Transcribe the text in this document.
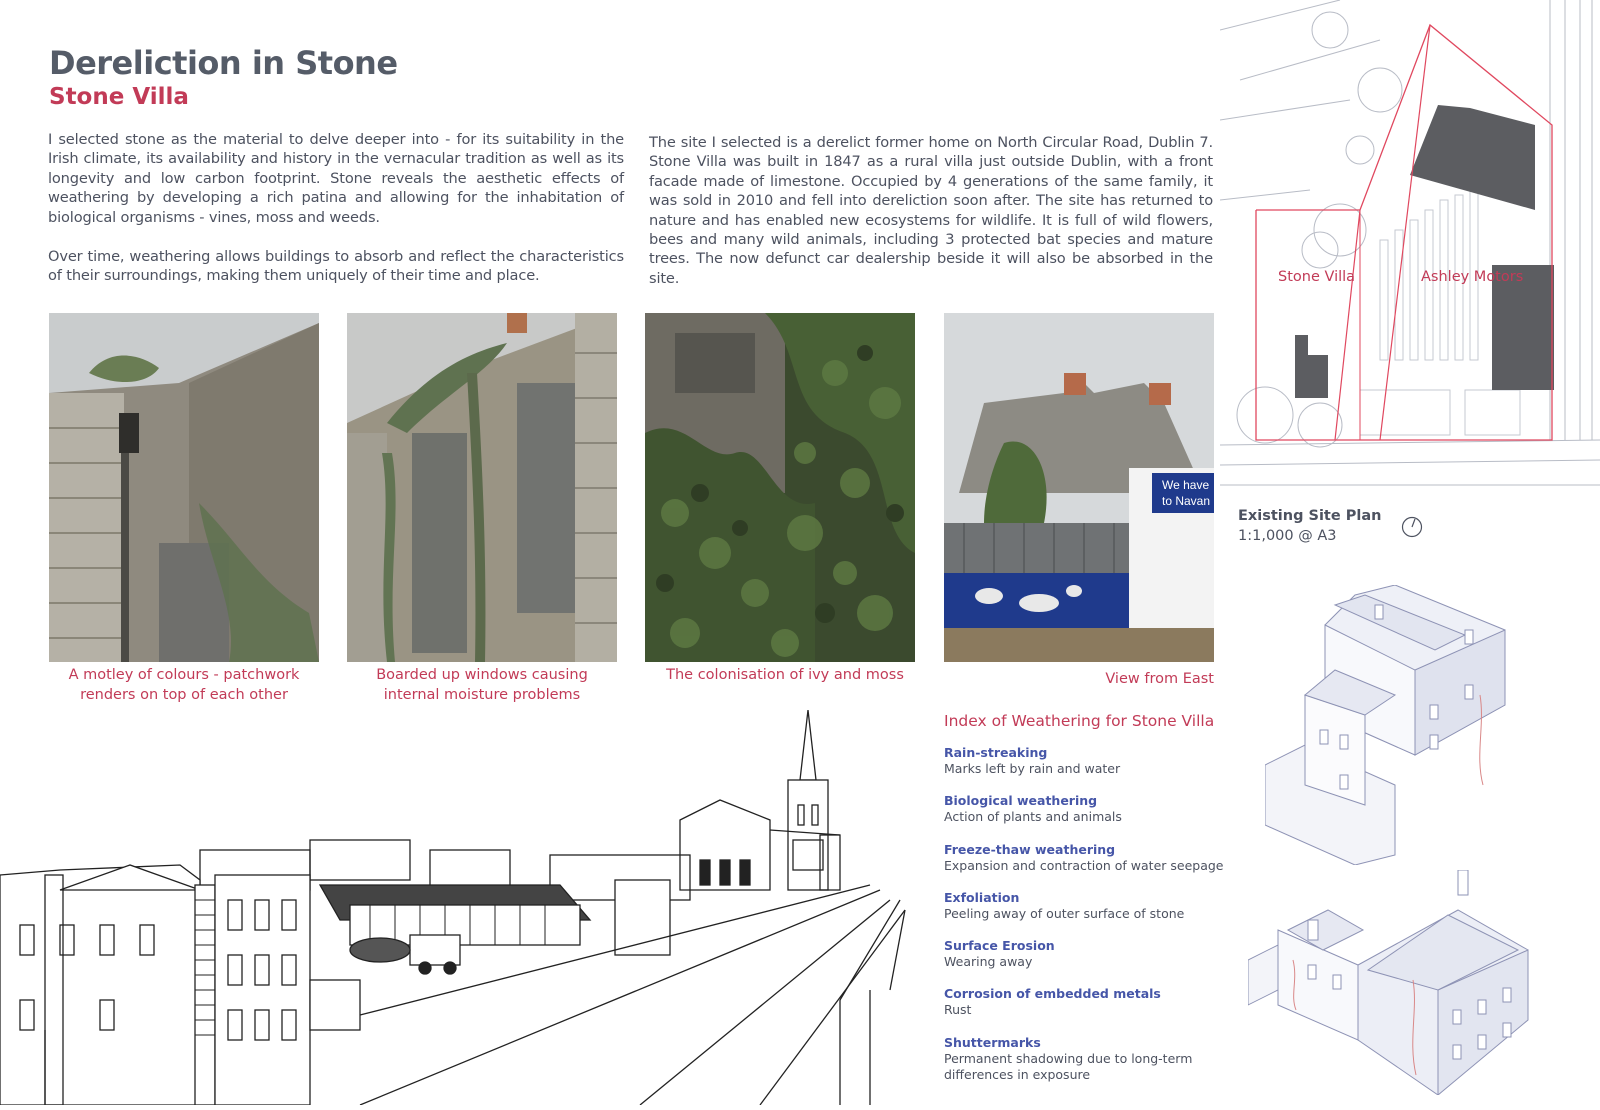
Dereliction in Stone
Stone Villa
I selected stone as the material to delve deeper into - for its suitability in the Irish climate, its availability and history in the vernacular tradition as well as its longevity and low carbon footprint. Stone reveals the aesthetic effects of weathering by developing a rich patina and allowing for the inhabitation of biological organisms - vines, moss and weeds.
Over time, weathering allows buildings to absorb and reflect the characteristics of their surroundings, making them uniquely of their time and place.
The site I selected is a derelict former home on North Circular Road, Dublin 7. Stone Villa was built in 1847 as a rural villa just outside Dublin, with a front facade made of limestone. Occupied by 4 generations of the same family, it was sold in 2010 and fell into dereliction soon after. The site has returned to nature and has enabled new ecosystems for wildlife. It is full of wild flowers, bees and many wild animals, including 3 protected bat species and mature trees. The now defunct car dealership beside it will also be absorbed in the site.
A motley of colours - patchwork renders on top of each other
Boarded up windows causing internal moisture problems
The colonisation of ivy and moss
We have
to Navan
View from East
Index of Weathering for Stone Villa
Rain-streaking
Marks left by rain and water
Biological weathering
Action of plants and animals
Freeze-thaw weathering
Expansion and contraction of water seepage
Exfoliation
Peeling away of outer surface of stone
Surface Erosion
Wearing away
Corrosion of embedded metals
Rust
Shuttermarks
Permanent shadowing due to long-term
differences in exposure
Stone Villa	Ashley Motors
Existing Site Plan
1:1,000 @ A3
